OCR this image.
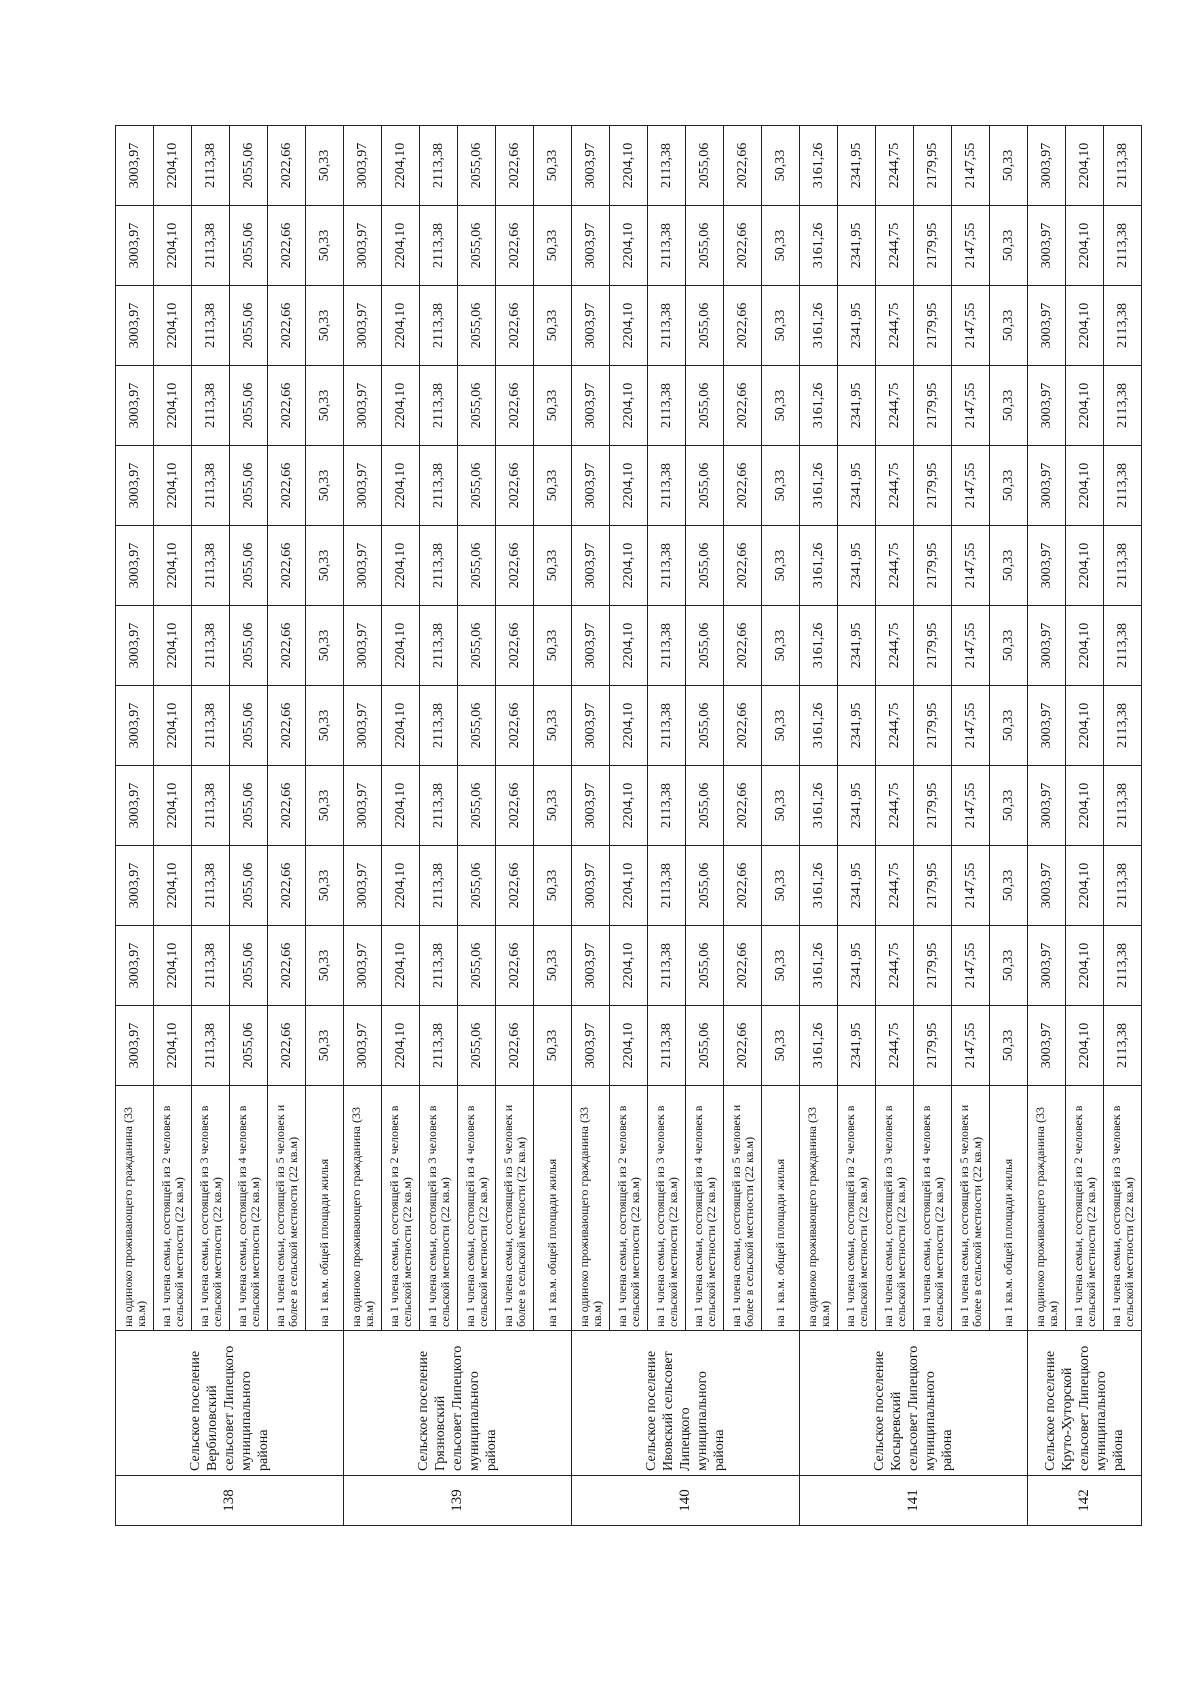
138	Сельское поселение Вербиловский сельсовет Липецкого муниципального района	на одиноко проживающего гражданина (33 кв.м)	3003,97	3003,97	3003,97	3003,97	3003,97	3003,97	3003,97	3003,97	3003,97	3003,97	3003,97	3003,97
		на 1 члена семьи, состоящей из 2 человек в сельской местности (22 кв.м)	2204,10	2204,10	2204,10	2204,10	2204,10	2204,10	2204,10	2204,10	2204,10	2204,10	2204,10	2204,10
		на 1 члена семьи, состоящей из 3 человек в сельской местности (22 кв.м)	2113,38	2113,38	2113,38	2113,38	2113,38	2113,38	2113,38	2113,38	2113,38	2113,38	2113,38	2113,38
		на 1 члена семьи, состоящей из 4 человек в сельской местности (22 кв.м)	2055,06	2055,06	2055,06	2055,06	2055,06	2055,06	2055,06	2055,06	2055,06	2055,06	2055,06	2055,06
		на 1 члена семьи, состоящей из 5 человек и более в сельской местности (22 кв.м)	2022,66	2022,66	2022,66	2022,66	2022,66	2022,66	2022,66	2022,66	2022,66	2022,66	2022,66	2022,66
		на 1 кв.м. общей площади жилья	50,33	50,33	50,33	50,33	50,33	50,33	50,33	50,33	50,33	50,33	50,33	50,33
139	Сельское поселение Грязновский сельсовет Липецкого муниципального района	на одиноко проживающего гражданина (33 кв.м)	3003,97	3003,97	3003,97	3003,97	3003,97	3003,97	3003,97	3003,97	3003,97	3003,97	3003,97	3003,97
		на 1 члена семьи, состоящей из 2 человек в сельской местности (22 кв.м)	2204,10	2204,10	2204,10	2204,10	2204,10	2204,10	2204,10	2204,10	2204,10	2204,10	2204,10	2204,10
		на 1 члена семьи, состоящей из 3 человек в сельской местности (22 кв.м)	2113,38	2113,38	2113,38	2113,38	2113,38	2113,38	2113,38	2113,38	2113,38	2113,38	2113,38	2113,38
		на 1 члена семьи, состоящей из 4 человек в сельской местности (22 кв.м)	2055,06	2055,06	2055,06	2055,06	2055,06	2055,06	2055,06	2055,06	2055,06	2055,06	2055,06	2055,06
		на 1 члена семьи, состоящей из 5 человек и более в сельской местности (22 кв.м)	2022,66	2022,66	2022,66	2022,66	2022,66	2022,66	2022,66	2022,66	2022,66	2022,66	2022,66	2022,66
		на 1 кв.м. общей площади жилья	50,33	50,33	50,33	50,33	50,33	50,33	50,33	50,33	50,33	50,33	50,33	50,33
140	Сельское поселение Ивовский сельсовет Липецкого муниципального района	на одиноко проживающего гражданина (33 кв.м)	3003,97	3003,97	3003,97	3003,97	3003,97	3003,97	3003,97	3003,97	3003,97	3003,97	3003,97	3003,97
		на 1 члена семьи, состоящей из 2 человек в сельской местности (22 кв.м)	2204,10	2204,10	2204,10	2204,10	2204,10	2204,10	2204,10	2204,10	2204,10	2204,10	2204,10	2204,10
		на 1 члена семьи, состоящей из 3 человек в сельской местности (22 кв.м)	2113,38	2113,38	2113,38	2113,38	2113,38	2113,38	2113,38	2113,38	2113,38	2113,38	2113,38	2113,38
		на 1 члена семьи, состоящей из 4 человек в сельской местности (22 кв.м)	2055,06	2055,06	2055,06	2055,06	2055,06	2055,06	2055,06	2055,06	2055,06	2055,06	2055,06	2055,06
		на 1 члена семьи, состоящей из 5 человек и более в сельской местности (22 кв.м)	2022,66	2022,66	2022,66	2022,66	2022,66	2022,66	2022,66	2022,66	2022,66	2022,66	2022,66	2022,66
		на 1 кв.м. общей площади жилья	50,33	50,33	50,33	50,33	50,33	50,33	50,33	50,33	50,33	50,33	50,33	50,33
141	Сельское поселение Косыревский сельсовет Липецкого муниципального района	на одиноко проживающего гражданина (33 кв.м)	3161,26	3161,26	3161,26	3161,26	3161,26	3161,26	3161,26	3161,26	3161,26	3161,26	3161,26	3161,26
		на 1 члена семьи, состоящей из 2 человек в сельской местности (22 кв.м)	2341,95	2341,95	2341,95	2341,95	2341,95	2341,95	2341,95	2341,95	2341,95	2341,95	2341,95	2341,95
		на 1 члена семьи, состоящей из 3 человек в сельской местности (22 кв.м)	2244,75	2244,75	2244,75	2244,75	2244,75	2244,75	2244,75	2244,75	2244,75	2244,75	2244,75	2244,75
		на 1 члена семьи, состоящей из 4 человек в сельской местности (22 кв.м)	2179,95	2179,95	2179,95	2179,95	2179,95	2179,95	2179,95	2179,95	2179,95	2179,95	2179,95	2179,95
		на 1 члена семьи, состоящей из 5 человек и более в сельской местности (22 кв.м)	2147,55	2147,55	2147,55	2147,55	2147,55	2147,55	2147,55	2147,55	2147,55	2147,55	2147,55	2147,55
		на 1 кв.м. общей площади жилья	50,33	50,33	50,33	50,33	50,33	50,33	50,33	50,33	50,33	50,33	50,33	50,33
142	Сельское поселение Круто-Хуторской сельсовет Липецкого муниципального района	на одиноко проживающего гражданина (33 кв.м)	3003,97	3003,97	3003,97	3003,97	3003,97	3003,97	3003,97	3003,97	3003,97	3003,97	3003,97	3003,97
		на 1 члена семьи, состоящей из 2 человек в сельской местности (22 кв.м)	2204,10	2204,10	2204,10	2204,10	2204,10	2204,10	2204,10	2204,10	2204,10	2204,10	2204,10	2204,10
		на 1 члена семьи, состоящей из 3 человек в сельской местности (22 кв.м)	2113,38	2113,38	2113,38	2113,38	2113,38	2113,38	2113,38	2113,38	2113,38	2113,38	2113,38	2113,38
